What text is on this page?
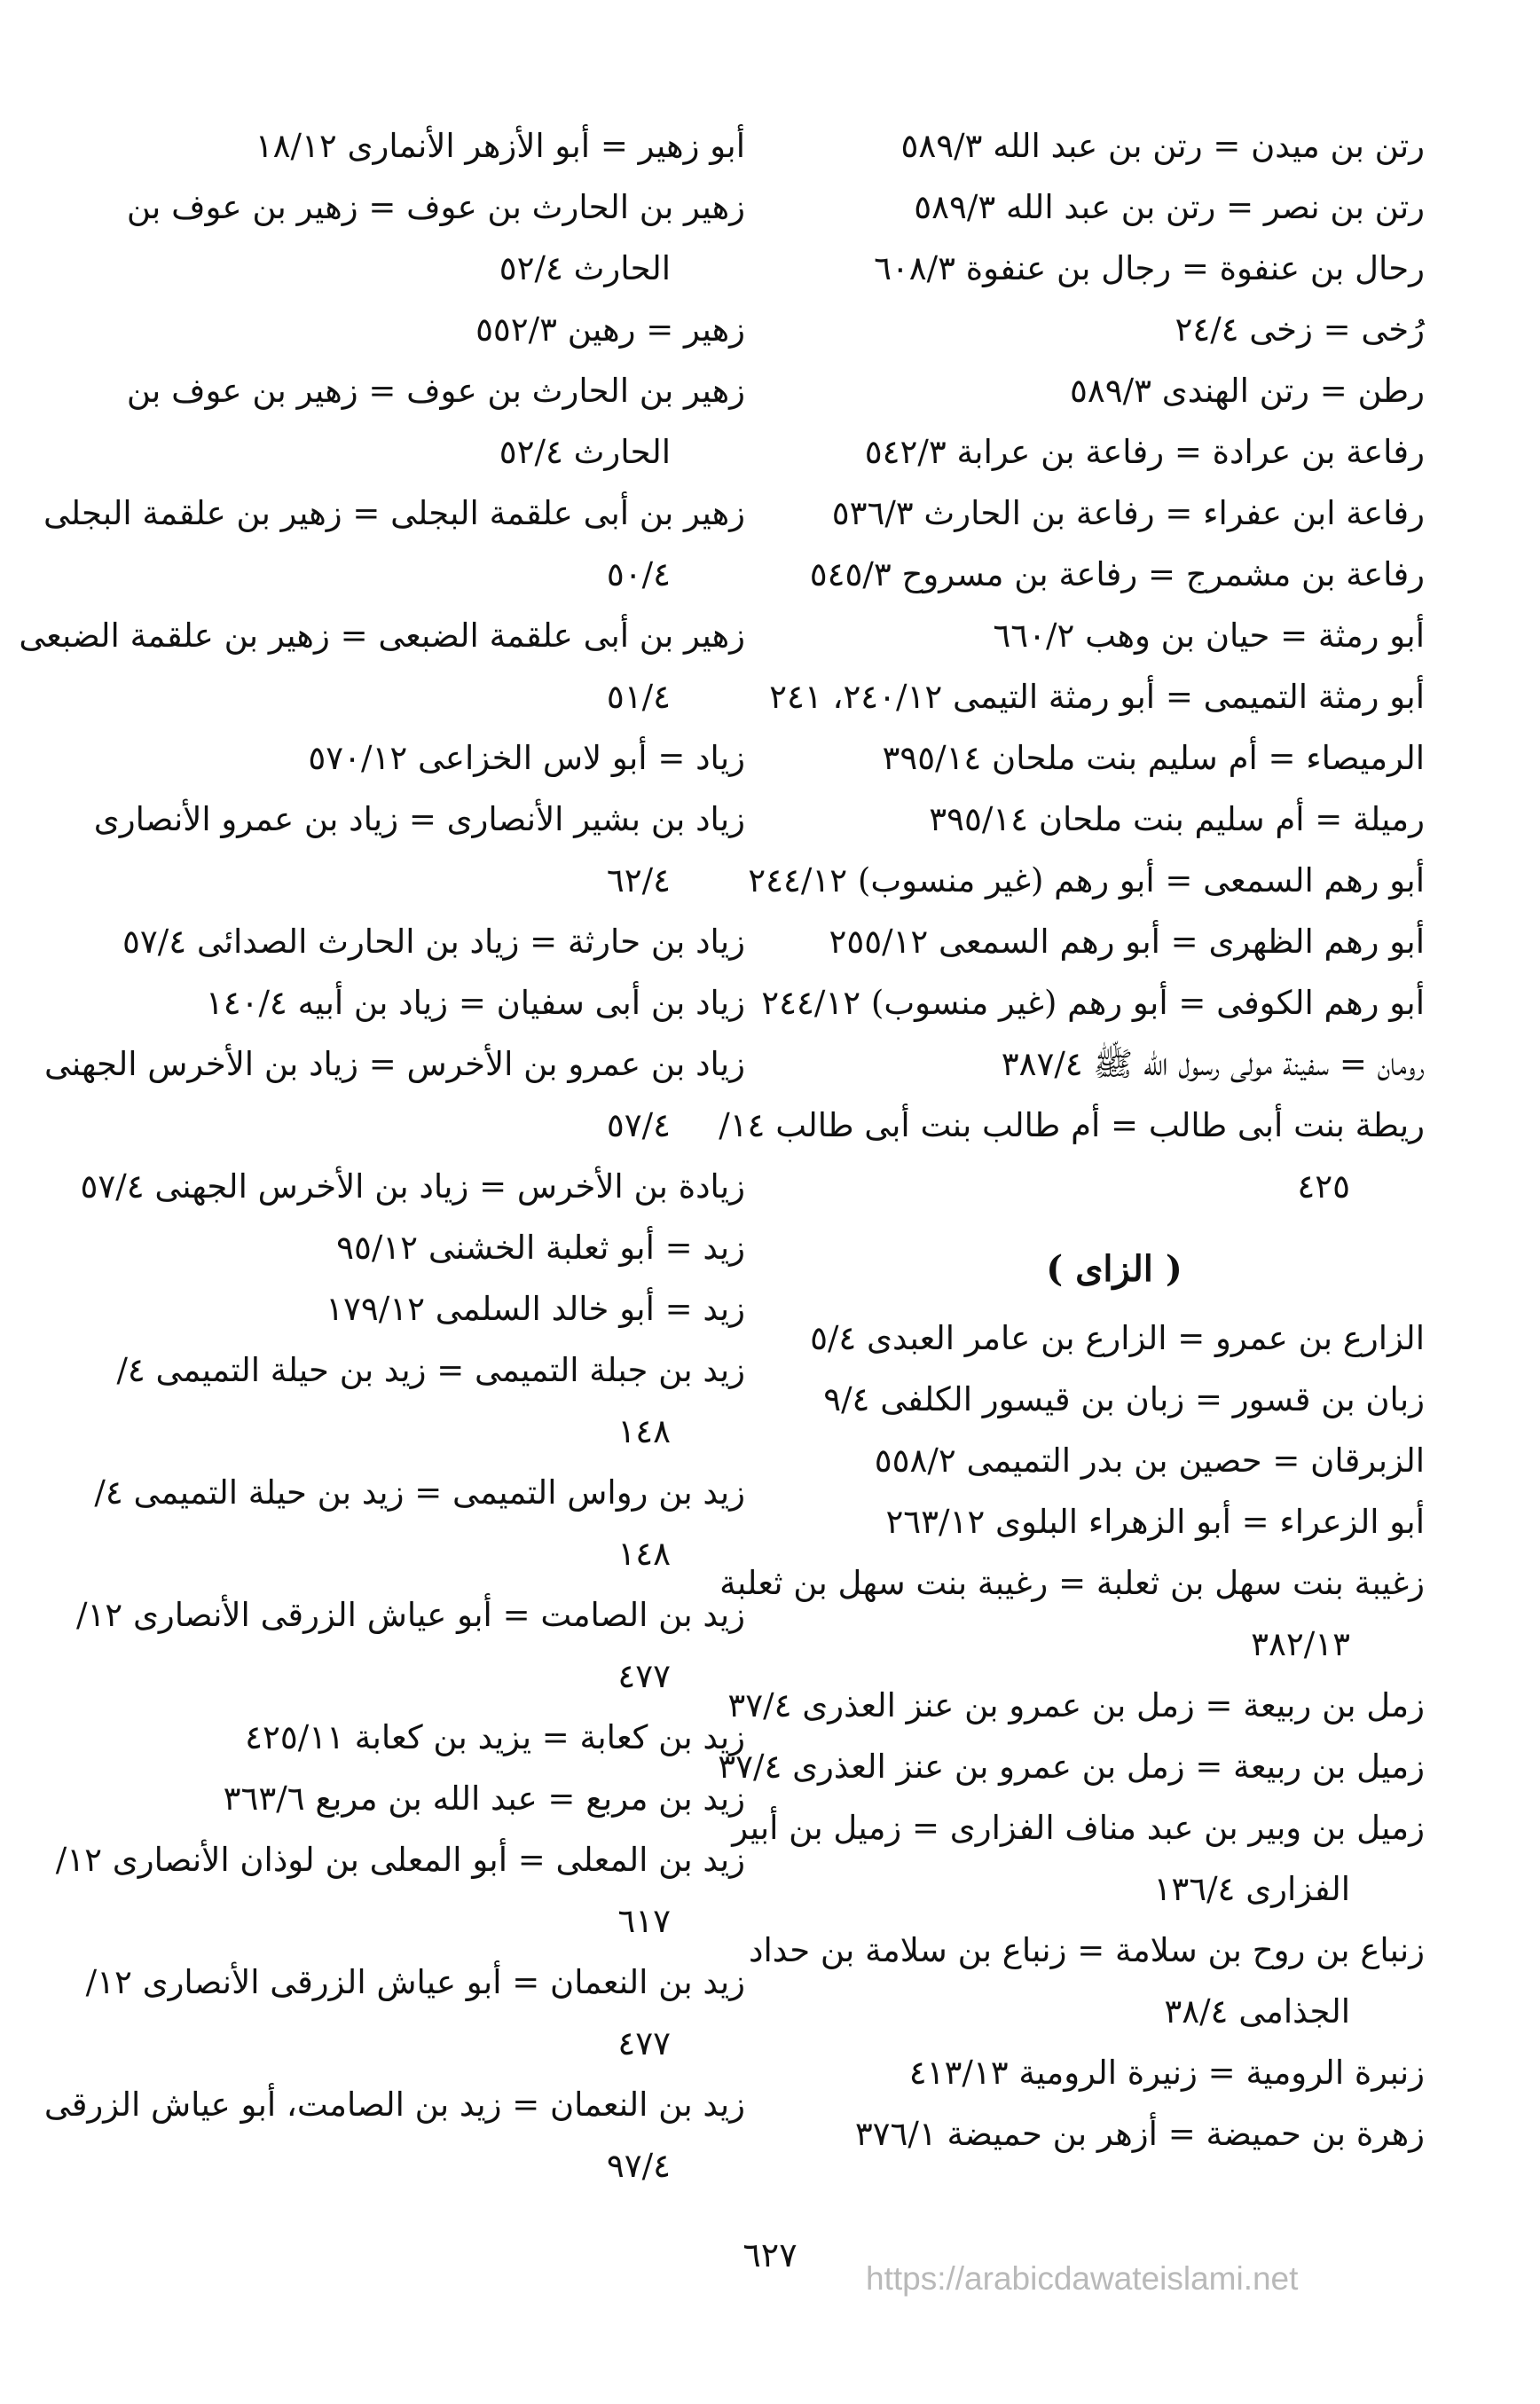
رتن بن ميدن = رتن بن عبد الله ٥٨٩/٣
رتن بن نصر = رتن بن عبد الله ٥٨٩/٣
رحال بن عنفوة = رجال بن عنفوة ٦٠٨/٣
رُخى = زخى ٢٤/٤
رطن = رتن الهندى ٥٨٩/٣
رفاعة بن عرادة = رفاعة بن عرابة ٥٤٢/٣
رفاعة ابن عفراء = رفاعة بن الحارث ٥٣٦/٣
رفاعة بن مشمرج = رفاعة بن مسروح ٥٤٥/٣
أبو رمثة = حيان بن وهب ٦٦٠/٢
أبو رمثة التميمى = أبو رمثة التيمى ٢٤٠/١٢، ٢٤١
الرميصاء = أم سليم بنت ملحان ٣٩٥/١٤
رميلة = أم سليم بنت ملحان ٣٩٥/١٤
أبو رهم السمعى = أبو رهم (غير منسوب) ٢٤٤/١٢
أبو رهم الظهرى = أبو رهم السمعى ٢٥٥/١٢
أبو رهم الكوفى = أبو رهم (غير منسوب) ٢٤٤/١٢
رومان = سفينة مولى رسول الله ﷺ ٣٨٧/٤
ريطة بنت أبى طالب = أم طالب بنت أبى طالب ١٤/
٤٢٥
( الزاى )
الزارع بن عمرو = الزارع بن عامر العبدى ٥/٤
زبان بن قسور = زبان بن قيسور الكلفى ٩/٤
الزبرقان = حصين بن بدر التميمى ٥٥٨/٢
أبو الزعراء = أبو الزهراء البلوى ٢٦٣/١٢
زغيبة بنت سهل بن ثعلبة = رغيبة بنت سهل بن ثعلبة
٣٨٢/١٣
زمل بن ربيعة = زمل بن عمرو بن عنز العذرى ٣٧/٤
زميل بن ربيعة = زمل بن عمرو بن عنز العذرى ٣٧/٤
زميل بن وبير بن عبد مناف الفزارى = زميل بن أبير
الفزارى ١٣٦/٤
زنباع بن روح بن سلامة = زنباع بن سلامة بن حداد
الجذامى ٣٨/٤
زنبرة الرومية = زنيرة الرومية ٤١٣/١٣
زهرة بن حميضة = أزهر بن حميضة ٣٧٦/١
أبو زهير = أبو الأزهر الأنمارى ١٨/١٢
زهير بن الحارث بن عوف = زهير بن عوف بن
الحارث ٥٢/٤
زهير = رهين ٥٥٢/٣
زهير بن الحارث بن عوف = زهير بن عوف بن
الحارث ٥٢/٤
زهير بن أبى علقمة البجلى = زهير بن علقمة البجلى
٥٠/٤
زهير بن أبى علقمة الضبعى = زهير بن علقمة الضبعى
٥١/٤
زياد = أبو لاس الخزاعى ٥٧٠/١٢
زياد بن بشير الأنصارى = زياد بن عمرو الأنصارى
٦٢/٤
زياد بن حارثة = زياد بن الحارث الصدائى ٥٧/٤
زياد بن أبى سفيان = زياد بن أبيه ١٤٠/٤
زياد بن عمرو بن الأخرس = زياد بن الأخرس الجهنى
٥٧/٤
زيادة بن الأخرس = زياد بن الأخرس الجهنى ٥٧/٤
زيد = أبو ثعلبة الخشنى ٩٥/١٢
زيد = أبو خالد السلمى ١٧٩/١٢
زيد بن جبلة التميمى = زيد بن حيلة التميمى ٤/
١٤٨
زيد بن رواس التميمى = زيد بن حيلة التميمى ٤/
١٤٨
زيد بن الصامت = أبو عياش الزرقى الأنصارى ١٢/
٤٧٧
زيد بن كعابة = يزيد بن كعابة ٤٢٥/١١
زيد بن مربع = عبد الله بن مربع ٣٦٣/٦
زيد بن المعلى = أبو المعلى بن لوذان الأنصارى ١٢/
٦١٧
زيد بن النعمان = أبو عياش الزرقى الأنصارى ١٢/
٤٧٧
زيد بن النعمان = زيد بن الصامت، أبو عياش الزرقى
٩٧/٤
٦٢٧
https://arabicdawateislami.net
